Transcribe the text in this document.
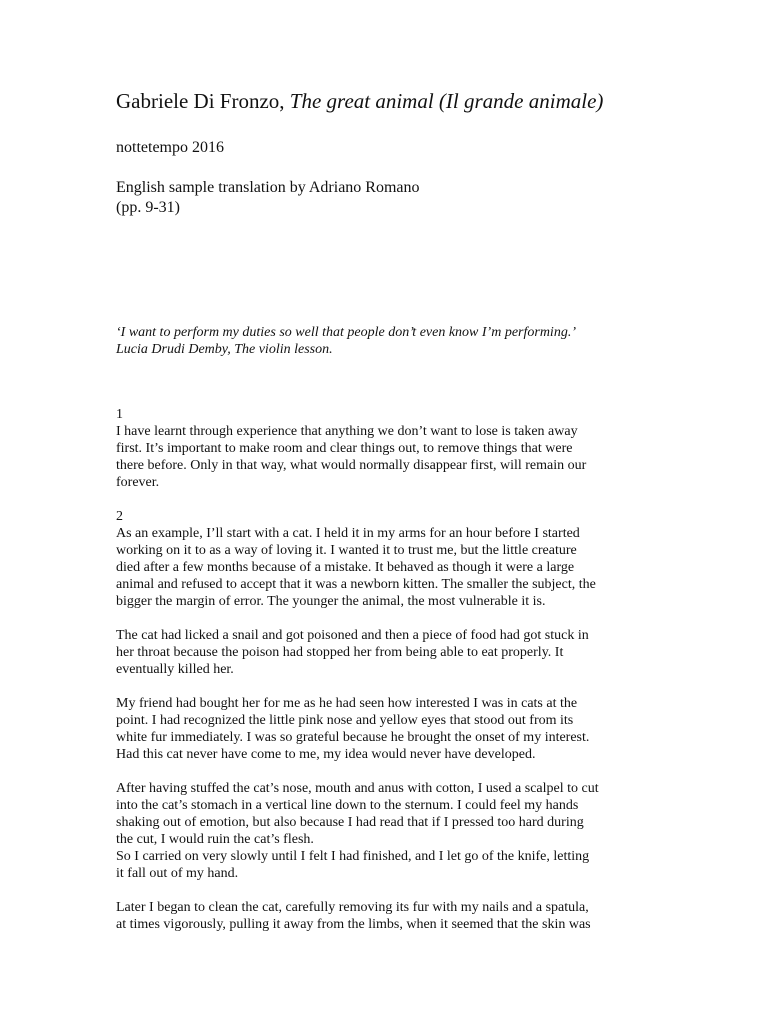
Gabriele Di Fronzo, The great animal (Il grande animale)
nottetempo 2016
English sample translation by Adriano Romano
(pp. 9-31)
‘I want to perform my duties so well that people don’t even know I’m performing.’
Lucia Drudi Demby, The violin lesson.
1
I have learnt through experience that anything we don’t want to lose is taken away
first. It’s important to make room and clear things out, to remove things that were
there before. Only in that way, what would normally disappear first, will remain our
forever.
2
As an example, I’ll start with a cat. I held it in my arms for an hour before I started
working on it to as a way of loving it. I wanted it to trust me, but the little creature
died after a few months because of a mistake. It behaved as though it were a large
animal and refused to accept that it was a newborn kitten. The smaller the subject, the
bigger the margin of error. The younger the animal, the most vulnerable it is.
The cat had licked a snail and got poisoned and then a piece of food had got stuck in
her throat because the poison had stopped her from being able to eat properly. It
eventually killed her.
My friend had bought her for me as he had seen how interested I was in cats at the
point. I had recognized the little pink nose and yellow eyes that stood out from its
white fur immediately. I was so grateful because he brought the onset of my interest.
Had this cat never have come to me, my idea would never have developed.
After having stuffed the cat’s nose, mouth and anus with cotton, I used a scalpel to cut
into the cat’s stomach in a vertical line down to the sternum. I could feel my hands
shaking out of emotion, but also because I had read that if I pressed too hard during
the cut, I would ruin the cat’s flesh.
So I carried on very slowly until I felt I had finished, and I let go of the knife, letting
it fall out of my hand.
Later I began to clean the cat, carefully removing its fur with my nails and a spatula,
at times vigorously, pulling it away from the limbs, when it seemed that the skin was
